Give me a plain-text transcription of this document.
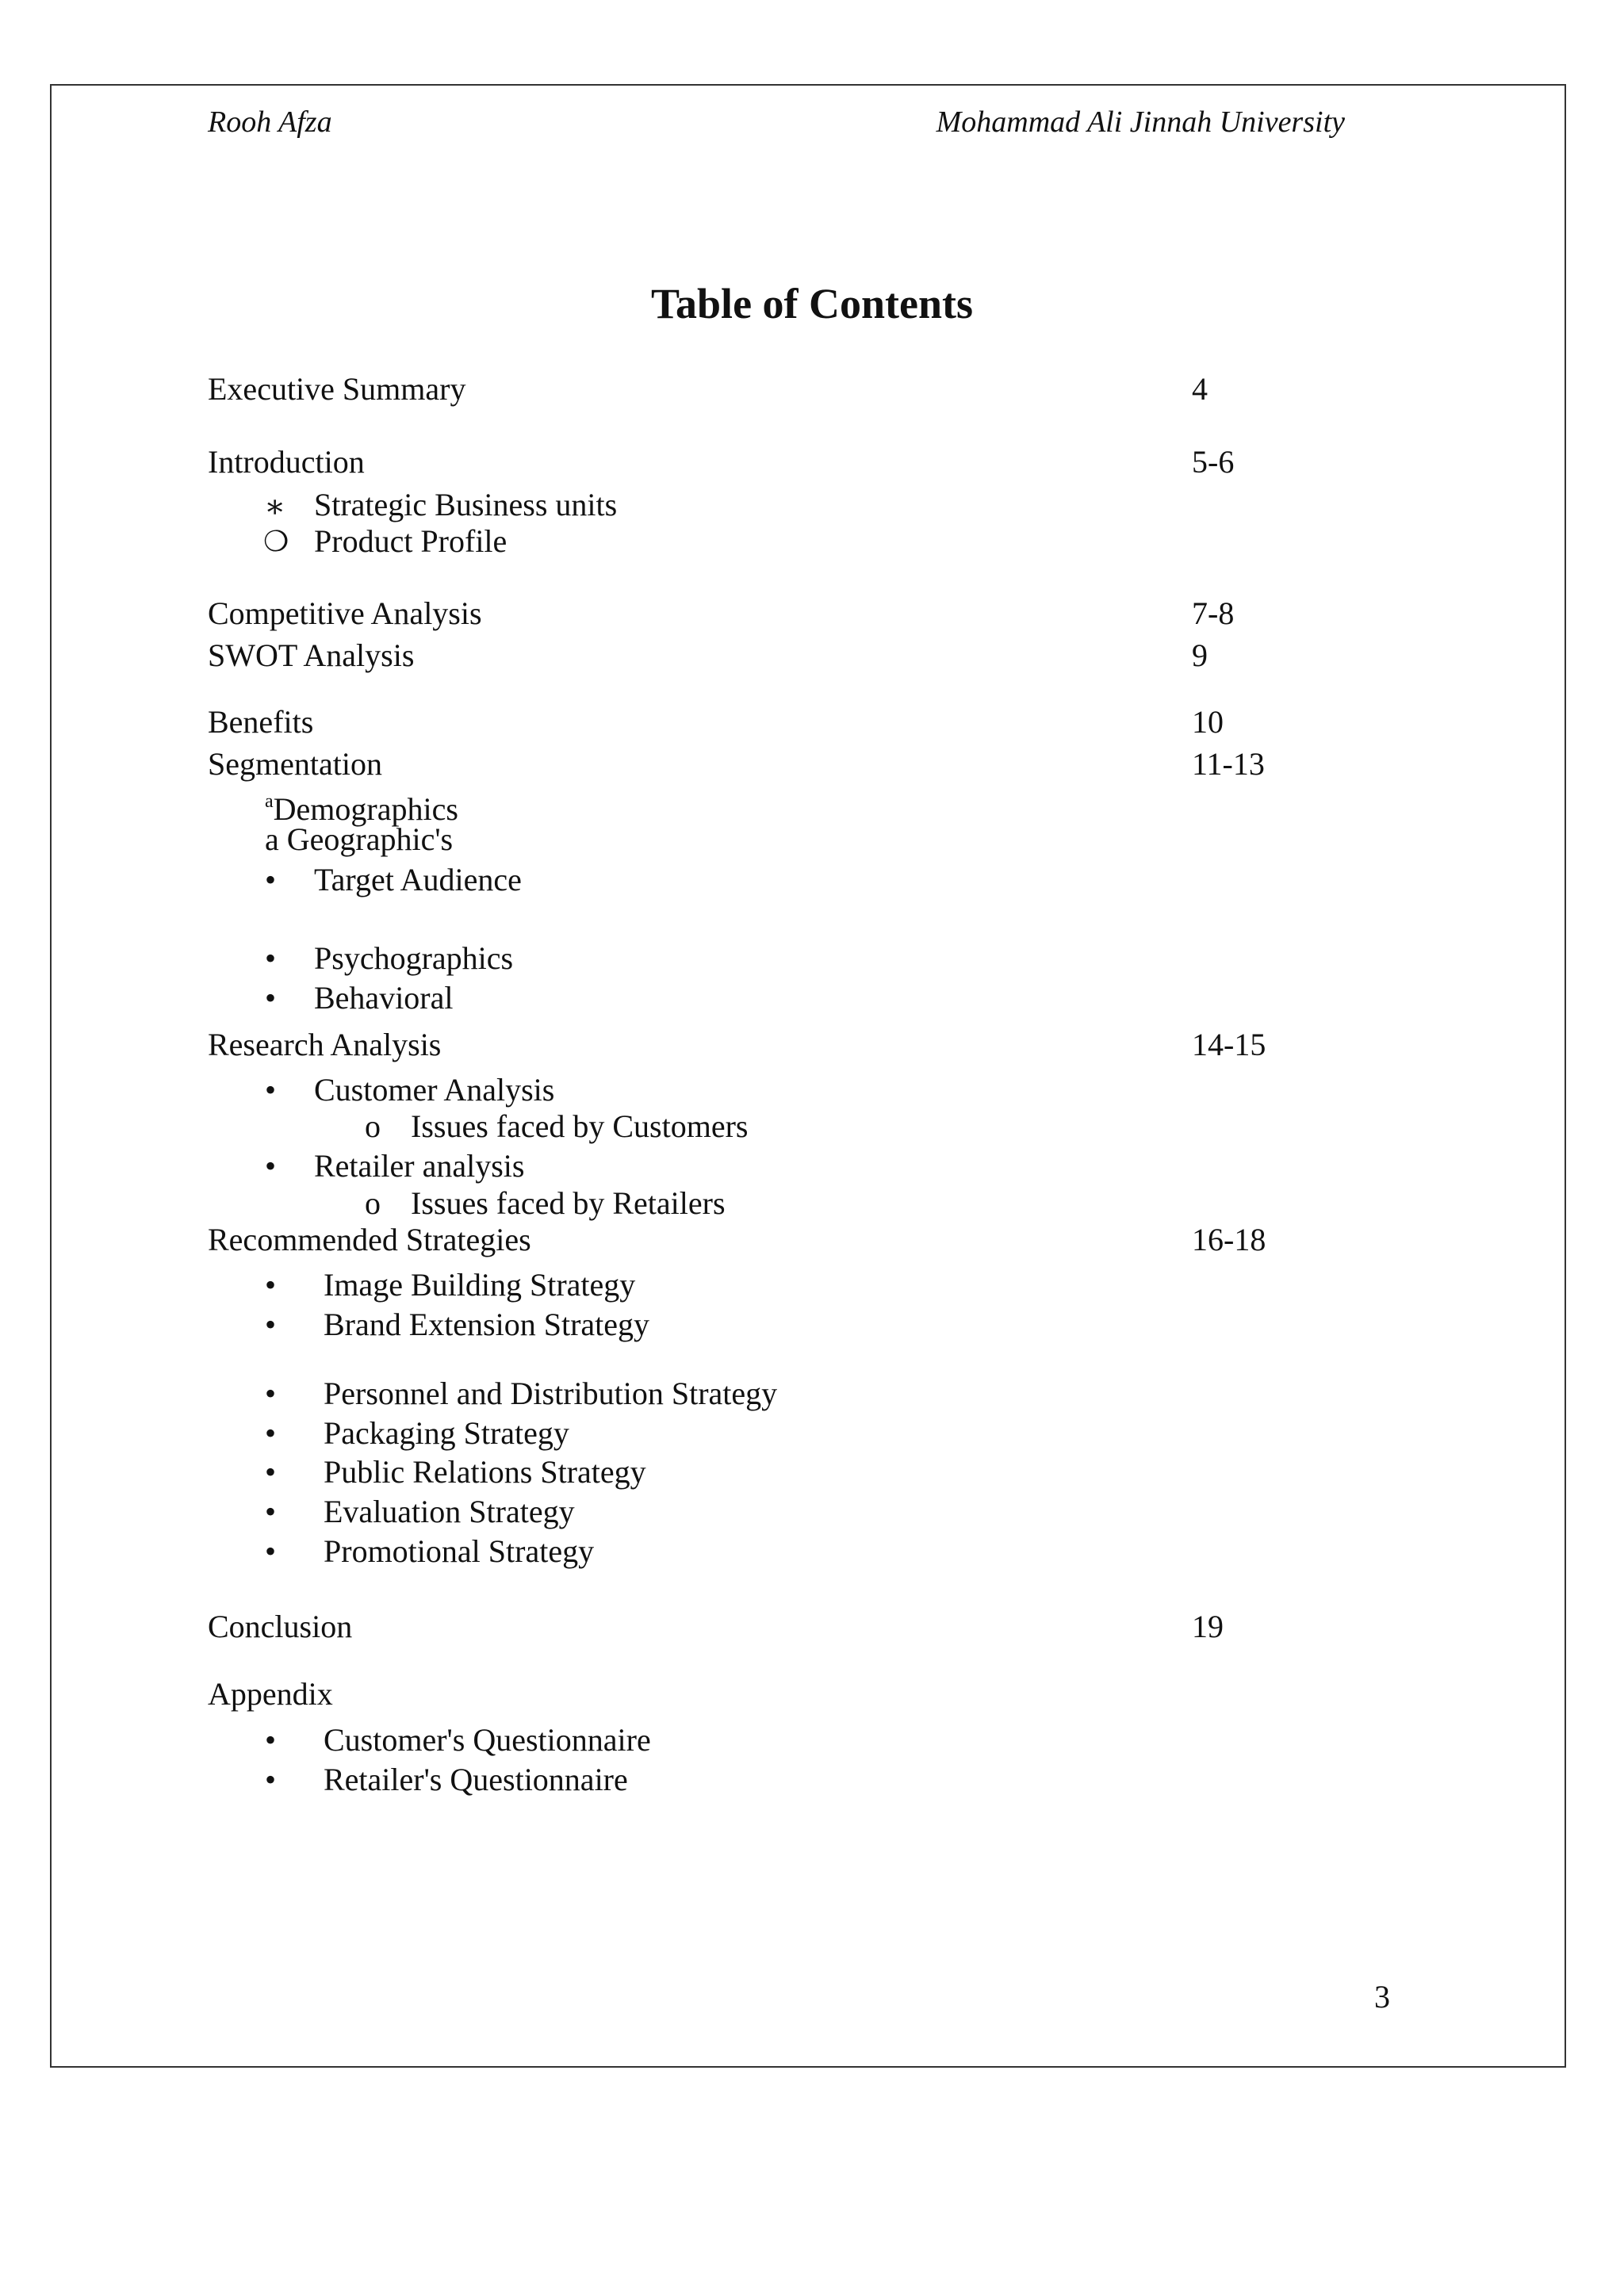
Rooh Afza	Mohammad Ali Jinnah University
Table of Contents
Executive Summary	4
Introduction	5-6
∗ Strategic Business units
❍ Product Profile
Competitive Analysis	7-8
SWOT Analysis	9
Benefits	10
Segmentation	11-13
$^a$Demographics
a Geographic's
• Target Audience
• Psychographics
• Behavioral
Research Analysis	14-15
• Customer Analysis
o Issues faced by Customers
• Retailer analysis
o Issues faced by Retailers
Recommended Strategies	16-18
• Image Building Strategy
• Brand Extension Strategy
• Personnel and Distribution Strategy
• Packaging Strategy
• Public Relations Strategy
• Evaluation Strategy
• Promotional Strategy
Conclusion	19
Appendix
• Customer's Questionnaire
• Retailer's Questionnaire
3
